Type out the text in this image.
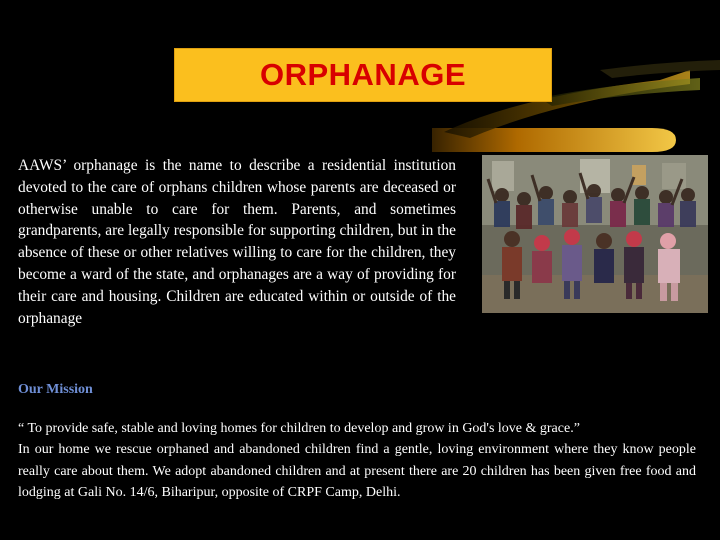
ORPHANAGE

AAWS’ orphanage is the name to describe a residential institution devoted to the care of orphans children whose parents are deceased or otherwise unable to care for them. Parents, and sometimes grandparents, are legally responsible for supporting children, but in the absence of these or other relatives willing to care for the children, they become a ward of the state, and orphanages are a way of providing for their care and housing. Children are educated within or outside of the orphanage

Our Mission

“ To provide safe, stable and loving homes for children to develop and grow in God's love & grace.”

In our home we rescue orphaned and abandoned children find a gentle, loving environment where they know people really care about them. We adopt abandoned children and at present there are 20 children has been given free food and lodging at Gali No. 14/6, Biharipur, opposite of CRPF Camp, Delhi.
